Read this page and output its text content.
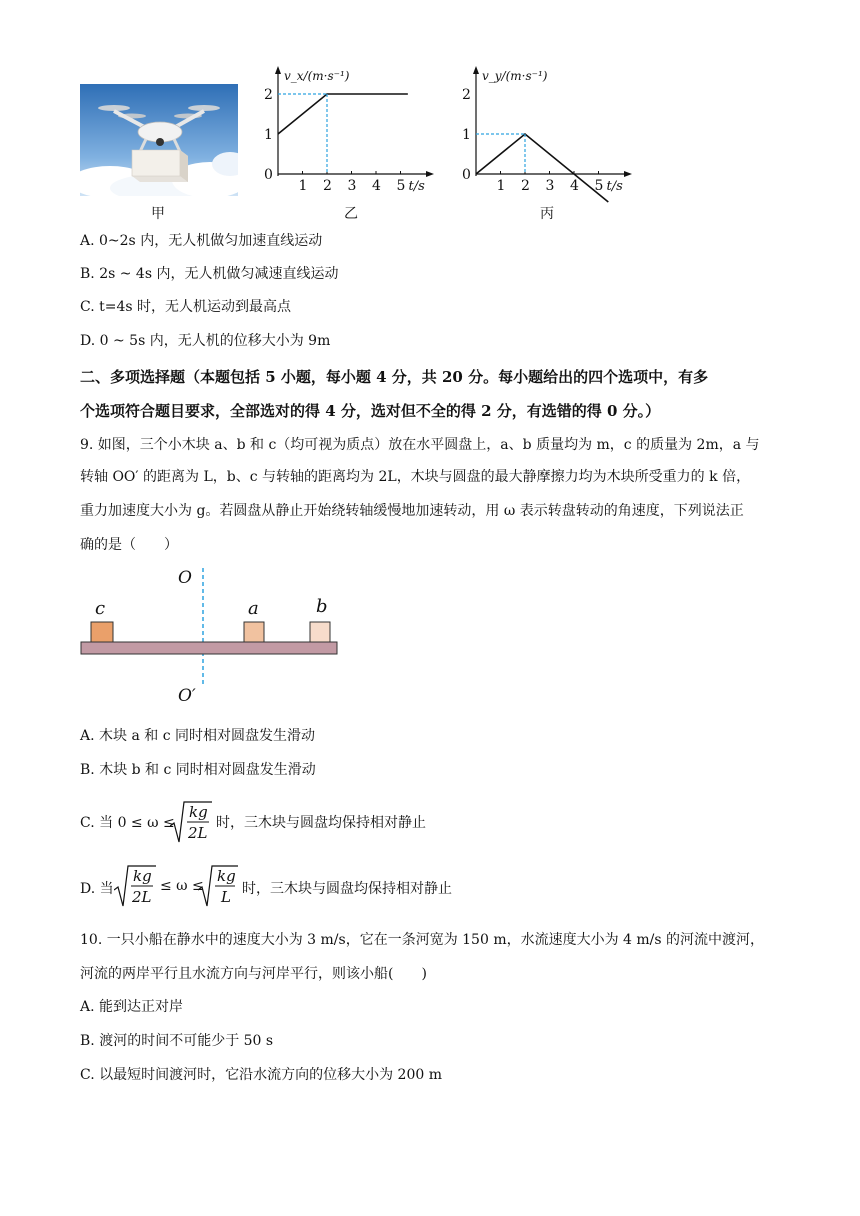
甲
2
1
0
1 2 3 4 5 t/s
v_x/(m·s⁻¹)
乙
2
1
0
1 2 3 4 5 t/s
v_y/(m·s⁻¹)
丙
A. 0~2s 内，无人机做匀加速直线运动
B. 2s ~ 4s 内，无人机做匀减速直线运动
C. t=4s 时，无人机运动到最高点
D. 0 ~ 5s 内，无人机的位移大小为 9m
二、多项选择题（本题包括 5 小题，每小题 4 分，共 20 分。每小题给出的四个选项中，有多
个选项符合题目要求，全部选对的得 4 分，选对但不全的得 2 分，有选错的得 0 分。）
9. 如图，三个小木块 a、b 和 c（均可视为质点）放在水平圆盘上，a、b 质量均为 m，c 的质量为 2m，a 与
转轴 OO′ 的距离为 L，b、c 与转轴的距离均为 2L，木块与圆盘的最大静摩擦力均为木块所受重力的 k 倍，
重力加速度大小为 g。若圆盘从静止开始绕转轴缓慢地加速转动，用 ω 表示转盘转动的角速度，下列说法正
确的是（　　）
O
O′
c	a	b
A. 木块 a 和 c 同时相对圆盘发生滑动
B. 木块 b 和 c 同时相对圆盘发生滑动
C. 当 0 ≤ ω ≤
kg
2L
时，三木块与圆盘均保持相对静止
D. 当
kg
2L
≤ ω ≤
kg
L 时，三木块与圆盘均保持相对静止
10. 一只小船在静水中的速度大小为 3 m/s，它在一条河宽为 150 m，水流速度大小为 4 m/s 的河流中渡河，
河流的两岸平行且水流方向与河岸平行，则该小船(　　)
A. 能到达正对岸
B. 渡河的时间不可能少于 50 s
C. 以最短时间渡河时，它沿水流方向的位移大小为 200 m
